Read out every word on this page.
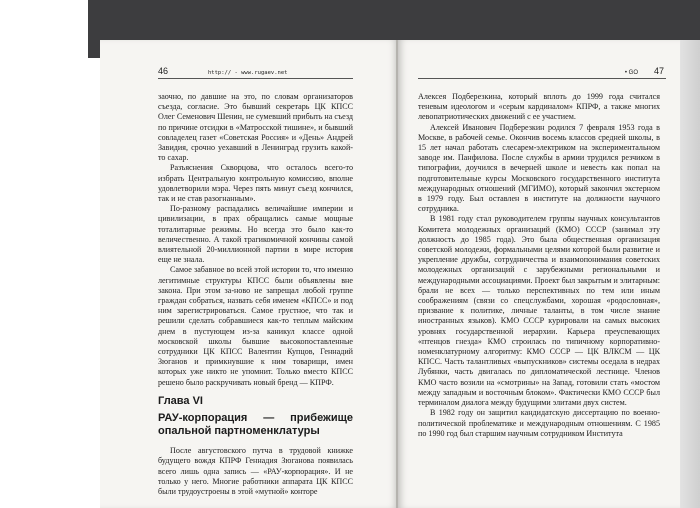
46	http:// - www.rugaev.net

заочно, по давшие на это, по словам организаторов съезда, согласие. Это бывший секретарь ЦК КПСС Олег Семенович Шенин, не сумевший прибыть на съезд по причине отсидки в «Матросской тишине», и бывший совладелец газет «Советская Россия» и «День» Андрей Завидия, срочно уехавший в Ленинград грузить какой-то сахар.

Разъяснения Скворцова, что осталось всего-то избрать Центральную контрольную комиссию, вполне удовлетворили мэра. Через пять минут съезд кончился, так и не став разогнанным».

По-разному распадались величайшие империи и цивилизации, в прах обращались самые мощные тоталитарные режимы. Но всегда это было как-то величественно. А такой трагикомичной кончины самой влиятельной 20-миллионной партии в мире история еще не знала.

Самое забавное во всей этой истории то, что именно легитимные структуры КПСС были объявлены вне закона. При этом за-ново не запрещал любой группе граждан собраться, назвать себя именем «КПСС» и под ним зарегистрироваться. Самое грустное, что так и решили сделать собравшиеся как-то теплым майским днем в пустующем из-за каникул классе одной московской школы бывшие высокопоставленные сотрудники ЦК КПСС Валентин Купцов, Геннадий Зюганов и примкнувшие к ним товарищи, имен которых уже никто не упомнит. Только вместо КПСС решено было раскручивать новый бренд — КПРФ.

Глава VI
РАУ-корпорация — прибежище опальной партноменклатуры

После августовского путча в трудовой книжке будущего вождя КПРФ Геннадия Зюганова появилась всего лишь одна запись — «РАУ-корпорация». И не только у него. Многие работники аппарата ЦК КПСС были трудоустроены в этой «мутной» конторе

• GO 47

Алексея Подберезкина, который вплоть до 1999 года считался теневым идеологом и «серым кардиналом» КПРФ, а также многих левопатриотических движений с ее участием.

Алексей Иванович Подберезкин родился 7 февраля 1953 года в Москве, в рабочей семье. Окончив восемь классов средней школы, в 15 лет начал работать слесарем-электриком на экспериментальном заводе им. Панфилова. После службы в армии трудился резчиком в типографии, доучился в вечерней школе и невесть как попал на подготовительные курсы Московского государственного института международных отношений (МГИМО), который закончил экстерном в 1979 году. Был оставлен в институте на должности научного сотрудника.

В 1981 году стал руководителем группы научных консультантов Комитета молодежных организаций (КМО) СССР (занимал эту должность до 1985 года). Это была общественная организация советской молодежи, формальными целями которой были развитие и укрепление дружбы, сотрудничества и взаимопонимания советских молодежных организаций с зарубежными региональными и международными ассоциациями. Проект был закрытым и элитарным: брали не всех — только перспективных по тем или иным соображениям (связи со спецслужбами, хорошая «родословная», призвание к политике, личные таланты, в том числе знание иностранных языков). КМО СССР курировали на самых высоких уровнях государственной иерархии. Карьера преуспевающих «птенцов гнезда» КМО строилась по типичному корпоративно-номенклатурному алгоритму: КМО СССР — ЦК ВЛКСМ — ЦК КПСС. Часть талантливых «выпускников» системы оседала в недрах Лубянки, часть двигалась по дипломатической лестнице. Членов КМО часто возили на «смотрины» на Запад, готовили стать «мостом между западным и восточным блоком». Фактически КМО СССР был терминалом диалога между будущими элитами двух систем.

В 1982 году он защитил кандидатскую диссертацию по военно-политической проблематике и международным отношениям. С 1985 по 1990 год был старшим научным сотрудником Института
